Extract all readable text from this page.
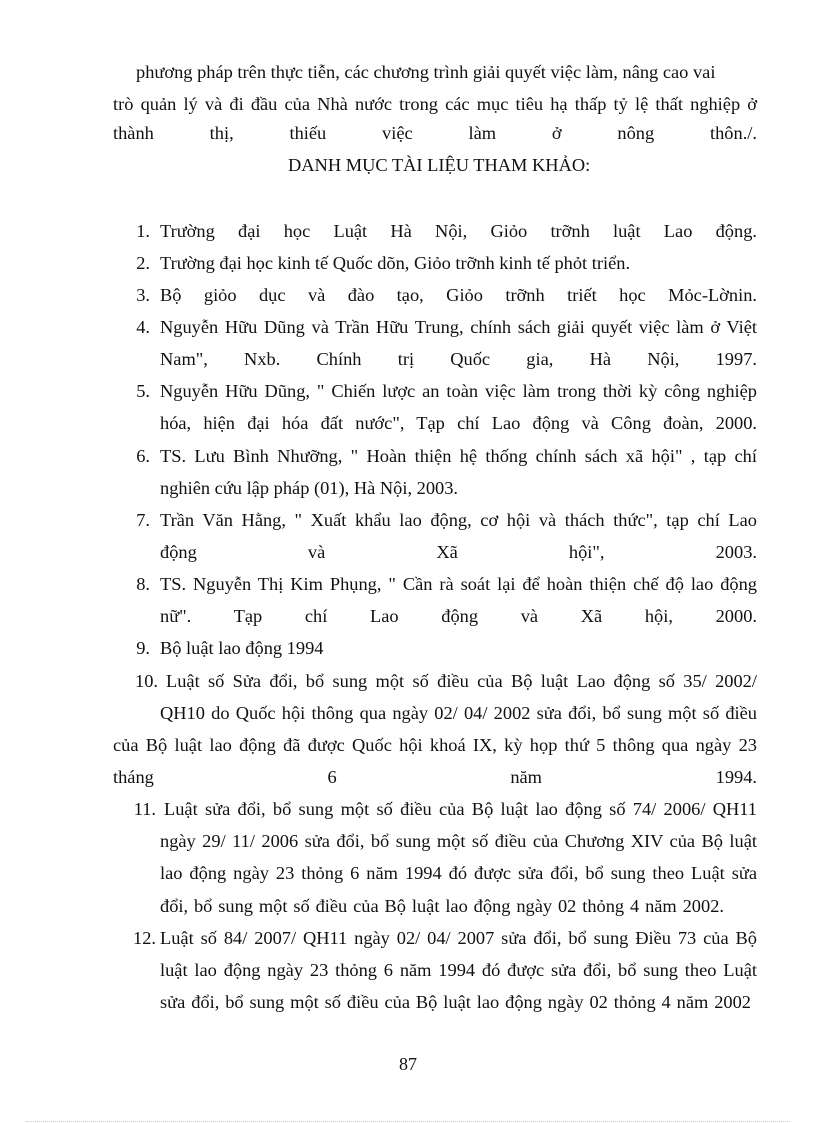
phương pháp trên thực tiễn, các chương trình giải quyết việc làm, nâng cao vai
trò quản lý và đi đầu của Nhà nước trong các mục tiêu hạ thấp tỷ lệ thất nghiệp ở
thành thị, thiếu việc làm ở nông thôn./.
DANH MỤC TÀI LIỆU THAM KHẢO:
1. Trường đại học Luật Hà Nội, Giỏo trỡnh luật Lao động.
2. Trường đại học kinh tế Quốc dõn, Giỏo trỡnh kinh tế phỏt triển.
3. Bộ giỏo dục và đào tạo, Giỏo trỡnh triết học Mỏc-Lờnin.
4. Nguyễn Hữu Dũng và Trần Hữu Trung, chính sách giải quyết việc làm ở Việt
Nam", Nxb. Chính trị Quốc gia, Hà Nội, 1997.
5. Nguyễn Hữu Dũng, " Chiến lược an toàn việc làm trong thời kỳ công nghiệp
hóa, hiện đại hóa đất nước", Tạp chí Lao động và Công đoàn, 2000.
6. TS. Lưu Bình Nhưỡng, " Hoàn thiện hệ thống chính sách xã hội" , tạp chí
nghiên cứu lập pháp (01), Hà Nội, 2003.
7. Trần Văn Hằng, " Xuất khẩu lao động, cơ hội và thách thức", tạp chí Lao
động và Xã hội", 2003.
8. TS. Nguyễn Thị Kim Phụng, " Cần rà soát lại để hoàn thiện chế độ lao động
nữ". Tạp chí Lao động và Xã hội, 2000.
9. Bộ luật lao động 1994
10. Luật số Sửa đổi, bổ sung một số điều của Bộ luật Lao động số 35/ 2002/
QH10 do Quốc hội thông qua ngày 02/ 04/ 2002 sửa đổi, bổ sung một số điều
của Bộ luật lao động đã được Quốc hội khoá IX, kỳ họp thứ 5 thông qua ngày 23
tháng 6 năm 1994.
11. Luật sửa đổi, bổ sung một số điều của Bộ luật lao động số 74/ 2006/ QH11
ngày 29/ 11/ 2006 sửa đổi, bổ sung một số điều của Chương XIV của Bộ luật
lao động ngày 23 thỏng 6 năm 1994 đó được sửa đổi, bổ sung theo Luật sửa
đổi, bổ sung một số điều của Bộ luật lao động ngày 02 thỏng 4 năm 2002.
12. Luật số 84/ 2007/ QH11 ngày 02/ 04/ 2007 sửa đổi, bổ sung Điều 73 của Bộ
luật lao động ngày 23 thỏng 6 năm 1994 đó được sửa đổi, bổ sung theo Luật
sửa đổi, bổ sung một số điều của Bộ luật lao động ngày 02 thỏng 4 năm 2002
87
